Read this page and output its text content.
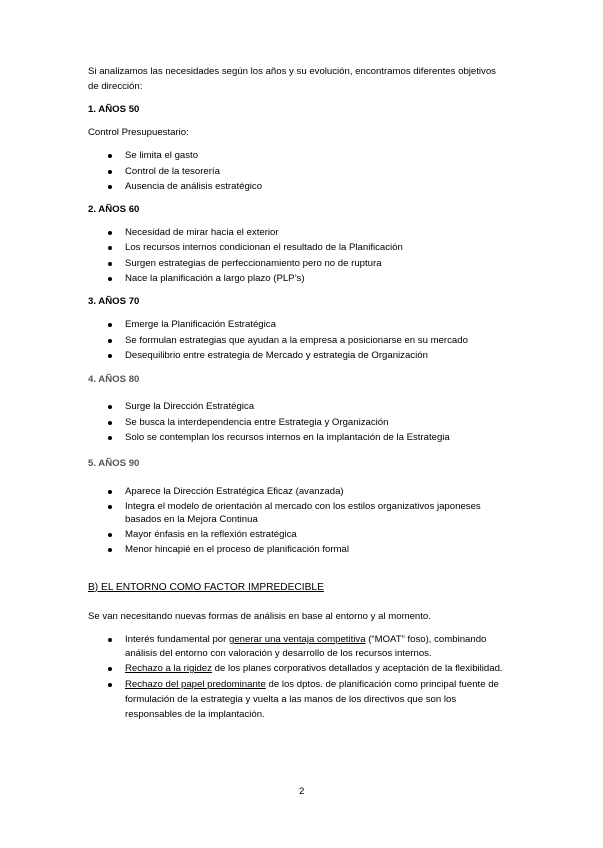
Si analizamos las necesidades según los años y su evolución, encontramos diferentes objetivos
de dirección:
1. AÑOS 50
Control Presupuestario:
Se limita el gasto
Control de la tesorería
Ausencia de análisis estratégico
2. AÑOS 60
Necesidad de mirar hacia el exterior
Los recursos internos condicionan el resultado de la Planificación
Surgen estrategias de perfeccionamiento pero no de ruptura
Nace la planificación a largo plazo (PLP’s)
3. AÑOS 70
Emerge la Planificación Estratégica
Se formulan estrategias que ayudan a la empresa a posicionarse en su mercado
Desequilibrio entre estrategia de Mercado y estrategia de Organización
4. AÑOS 80
Surge la Dirección Estratégica
Se busca la interdependencia entre Estrategia y Organización
Solo se contemplan los recursos internos en la implantación de la Estrategia
5. AÑOS 90
Aparece la Dirección Estratégica Eficaz (avanzada)
Integra el modelo de orientación al mercado con los estilos organizativos japoneses
basados en la Mejora Continua
Mayor énfasis en la reflexión estratégica
Menor hincapié en el proceso de planificación formal
B) EL ENTORNO COMO FACTOR IMPREDECIBLE
Se van necesitando nuevas formas de análisis en base al entorno y al momento.
Interés fundamental por generar una ventaja competitiva (“MOAT” foso), combinando
análisis del entorno con valoración y desarrollo de los recursos internos.
Rechazo a la rigidez de los planes corporativos detallados y aceptación de la flexibilidad.
Rechazo del papel predominante de los dptos. de planificación como principal fuente de
formulación de la estrategia y vuelta a las manos de los directivos que son los
responsables de la implantación.
2
